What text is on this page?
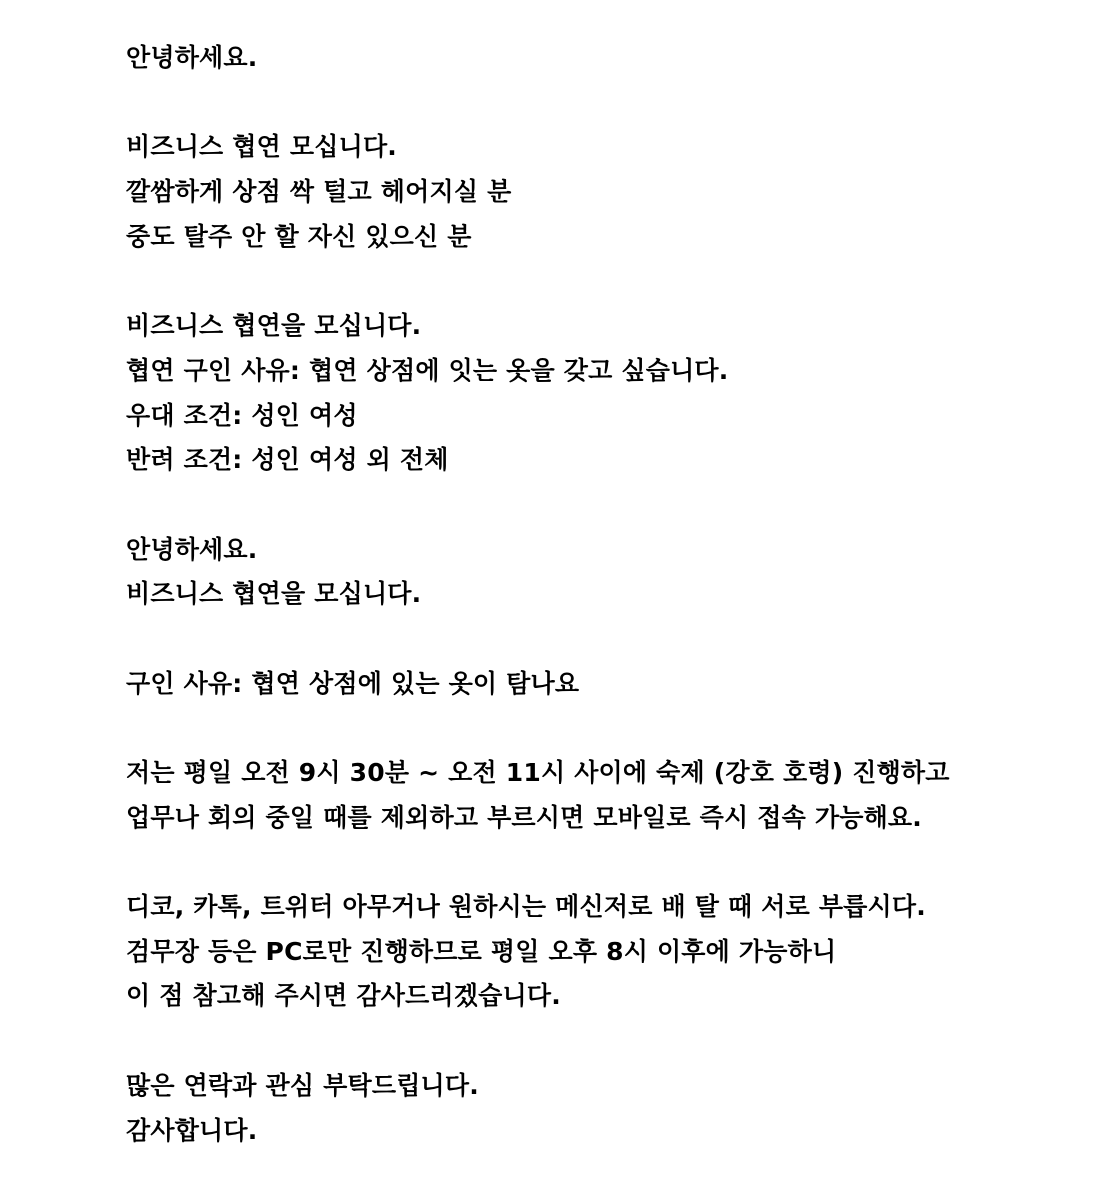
안녕하세요.
비즈니스 협연 모십니다.
깔쌈하게 상점 싹 털고 헤어지실 분
중도 탈주 안 할 자신 있으신 분
비즈니스 협연을 모십니다.
협연 구인 사유: 협연 상점에 잇는 옷을 갖고 싶습니다.
우대 조건: 성인 여성
반려 조건: 성인 여성 외 전체
안녕하세요.
비즈니스 협연을 모십니다.
구인 사유: 협연 상점에 있는 옷이 탐나요
저는 평일 오전 9시 30분 ~ 오전 11시 사이에 숙제 (강호 호령) 진행하고
업무나 회의 중일 때를 제외하고 부르시면 모바일로 즉시 접속 가능해요.
디코, 카톡, 트위터 아무거나 원하시는 메신저로 배 탈 때 서로 부릅시다.
검무장 등은 PC로만 진행하므로 평일 오후 8시 이후에 가능하니
이 점 참고해 주시면 감사드리겠습니다.
많은 연락과 관심 부탁드립니다.
감사합니다.
